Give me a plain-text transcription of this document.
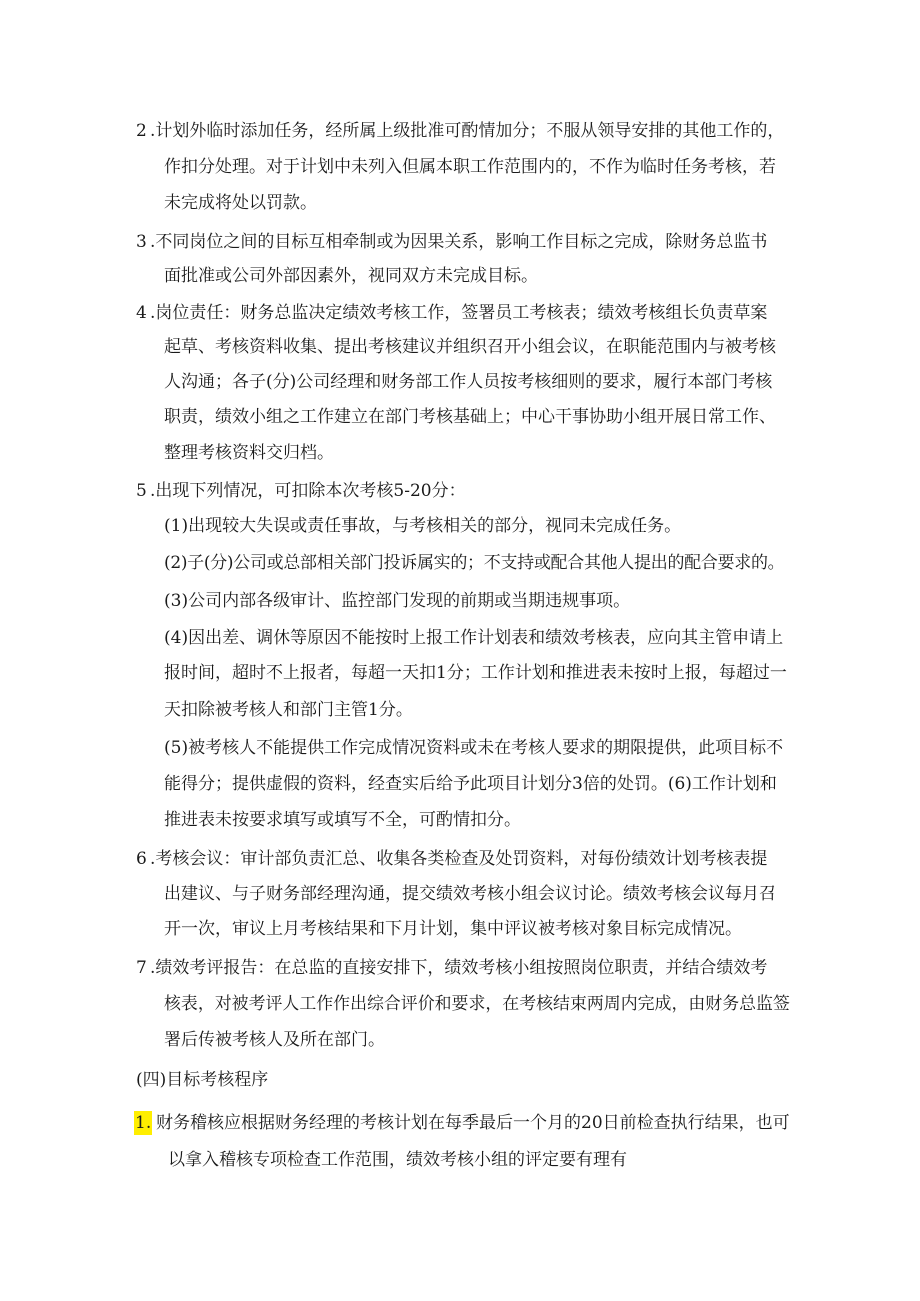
2 .计划外临时添加任务，经所属上级批准可酌情加分；不服从领导安排的其他工作的，
作扣分处理。对于计划中未列入但属本职工作范围内的，不作为临时任务考核，若
未完成将处以罚款。
3 .不同岗位之间的目标互相牵制或为因果关系，影响工作目标之完成，除财务总监书
面批准或公司外部因素外，视同双方未完成目标。
4 .岗位责任：财务总监决定绩效考核工作，签署员工考核表；绩效考核组长负责草案
起草、考核资料收集、提出考核建议并组织召开小组会议，在职能范围内与被考核
人沟通；各子(分)公司经理和财务部工作人员按考核细则的要求，履行本部门考核
职责，绩效小组之工作建立在部门考核基础上；中心干事协助小组开展日常工作、
整理考核资料交归档。
5 .出现下列情况，可扣除本次考核5-20分：
(1)出现较大失误或责任事故，与考核相关的部分，视同未完成任务。
(2)子(分)公司或总部相关部门投诉属实的；不支持或配合其他人提出的配合要求的。
(3)公司内部各级审计、监控部门发现的前期或当期违规事项。
(4)因出差、调休等原因不能按时上报工作计划表和绩效考核表，应向其主管申请上
报时间，超时不上报者，每超一天扣1分；工作计划和推进表未按时上报，每超过一
天扣除被考核人和部门主管1分。
(5)被考核人不能提供工作完成情况资料或未在考核人要求的期限提供，此项目标不
能得分；提供虚假的资料，经查实后给予此项目计划分3倍的处罚。(6)工作计划和
推进表未按要求填写或填写不全，可酌情扣分。
6 .考核会议：审计部负责汇总、收集各类检查及处罚资料，对每份绩效计划考核表提
出建议、与子财务部经理沟通，提交绩效考核小组会议讨论。绩效考核会议每月召
开一次，审议上月考核结果和下月计划，集中评议被考核对象目标完成情况。
7 .绩效考评报告：在总监的直接安排下，绩效考核小组按照岗位职责，并结合绩效考
核表，对被考评人工作作出综合评价和要求，在考核结束两周内完成，由财务总监签
署后传被考核人及所在部门。
(四)目标考核程序
1. 财务稽核应根据财务经理的考核计划在每季最后一个月的20日前检查执行结果，也可
以拿入稽核专项检查工作范围，绩效考核小组的评定要有理有
